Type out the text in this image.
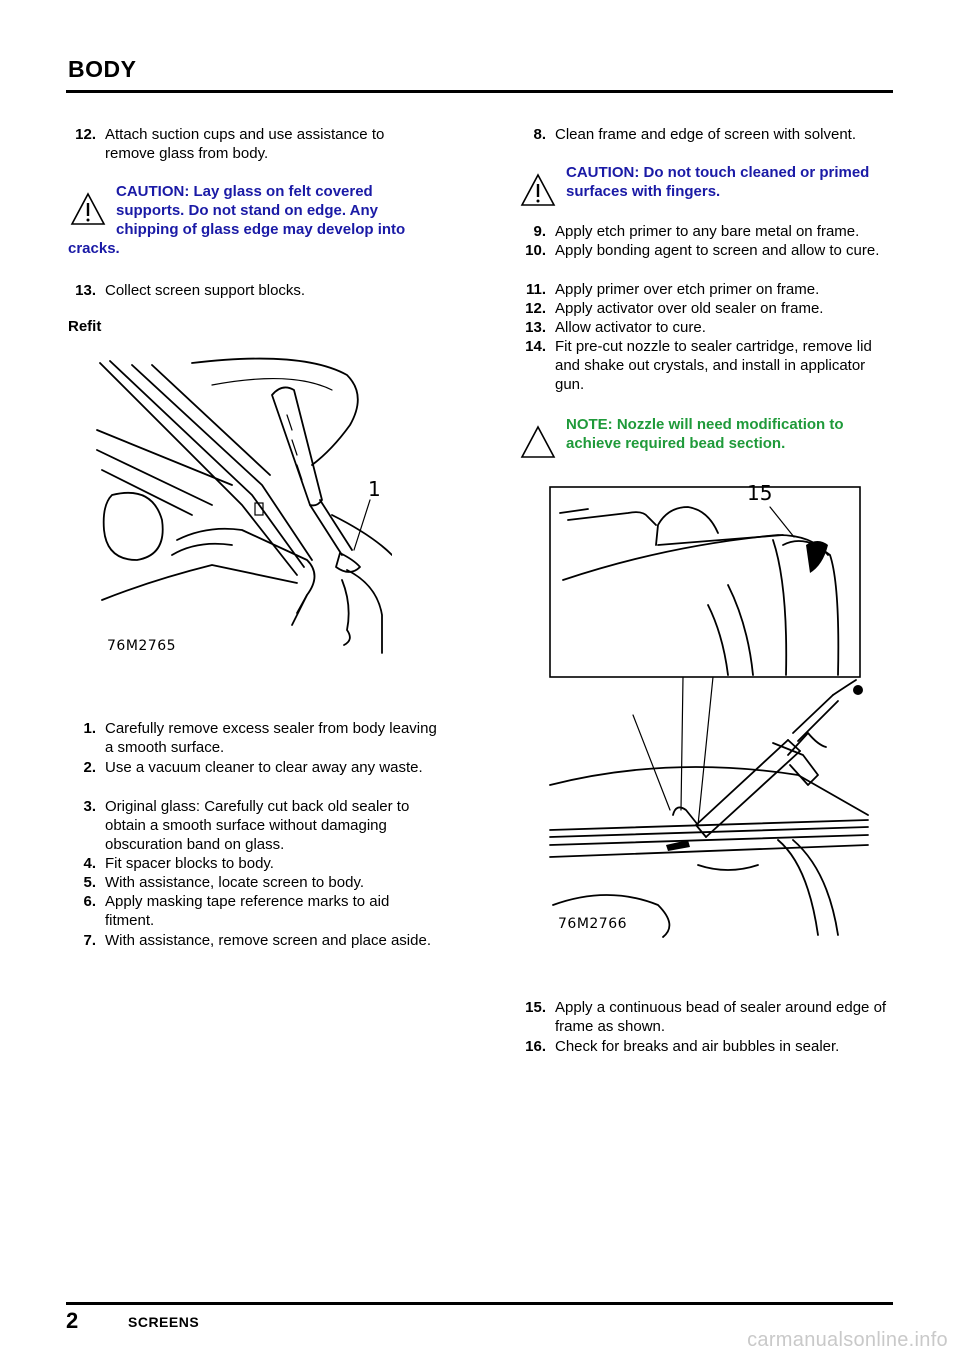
BODY
12. Attach suction cups and use assistance to remove glass from body.
CAUTION: Lay glass on felt covered supports. Do not stand on edge. Any chipping of glass edge may develop into
cracks.
13. Collect screen support blocks.
Refit
1
76M2765
1. Carefully remove excess sealer from body leaving a smooth surface.
2. Use a vacuum cleaner to clear away any waste.
3. Original glass: Carefully cut back old sealer to obtain a smooth surface without damaging obscuration band on glass.
4. Fit spacer blocks to body.
5. With assistance, locate screen to body.
6. Apply masking tape reference marks to aid fitment.
7. With assistance, remove screen and place aside.
8. Clean frame and edge of screen with solvent.
CAUTION: Do not touch cleaned or primed surfaces with fingers.
9. Apply etch primer to any bare metal on frame.
10. Apply bonding agent to screen and allow to cure.
11. Apply primer over etch primer on frame.
12. Apply activator over old sealer on frame.
13. Allow activator to cure.
14. Fit pre-cut nozzle to sealer cartridge, remove lid and shake out crystals, and install in applicator gun.
NOTE: Nozzle will need modification to achieve required bead section.
15
76M2766
15. Apply a continuous bead of sealer around edge of frame as shown.
16. Check for breaks and air bubbles in sealer.
2	SCREENS
carmanualsonline.info
